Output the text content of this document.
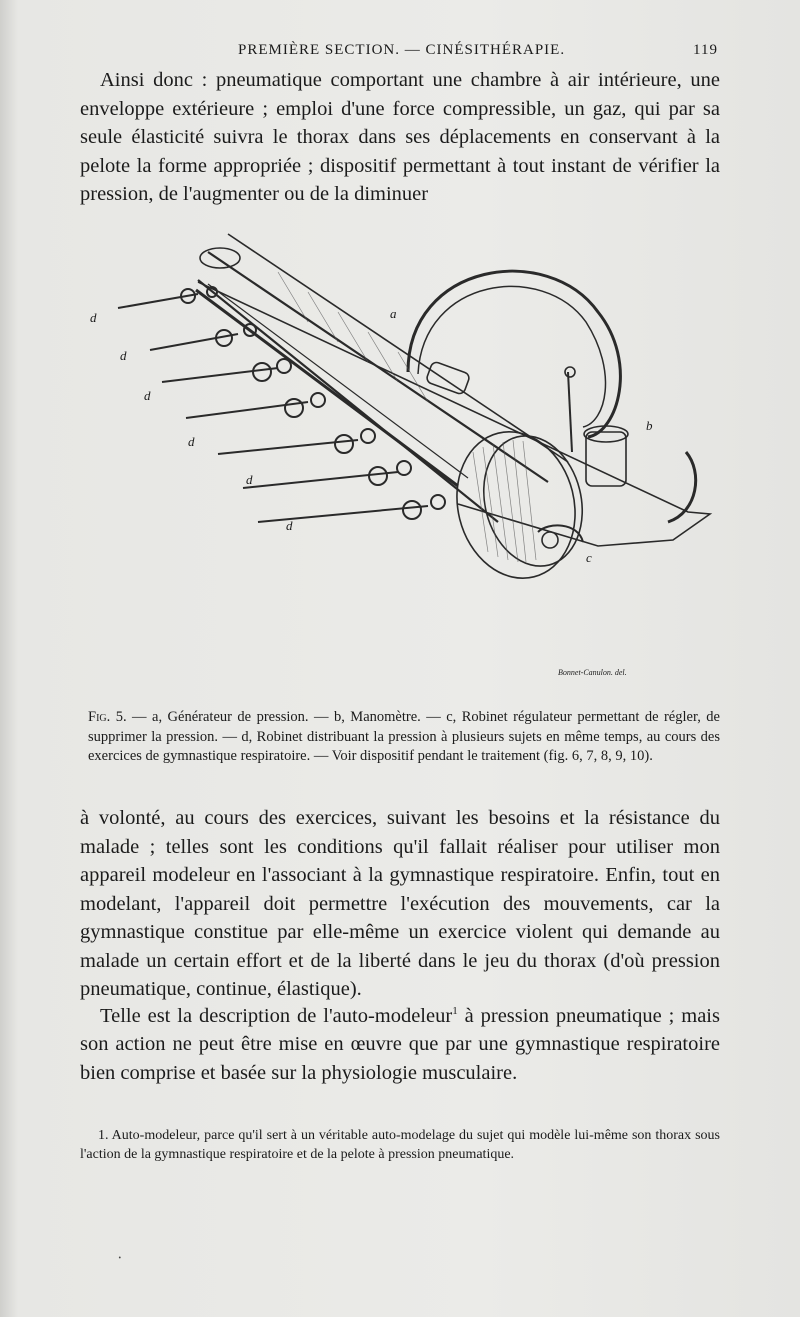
PREMIÈRE SECTION. — CINÉSITHÉRAPIE.	119

Ainsi donc : pneumatique comportant une chambre à air intérieure, une enveloppe extérieure ; emploi d'une force compressible, un gaz, qui par sa seule élasticité suivra le thorax dans ses déplacements en conservant à la pelote la forme appropriée ; dispositif permettant à tout instant de vérifier la pression, de l'augmenter ou de la diminuer

a
b
c
d
d
d
d
d
d
Bonnet-Canulon. del.

Fig. 5. — a, Générateur de pression. — b, Manomètre. — c, Robinet régulateur permettant de régler, de supprimer la pression. — d, Robinet distribuant la pression à plusieurs sujets en même temps, au cours des exercices de gymnastique respiratoire. — Voir dispositif pendant le traitement (fig. 6, 7, 8, 9, 10).

à volonté, au cours des exercices, suivant les besoins et la résistance du malade ; telles sont les conditions qu'il fallait réaliser pour utiliser mon appareil modeleur en l'associant à la gymnastique respiratoire. Enfin, tout en modelant, l'appareil doit permettre l'exécution des mouvements, car la gymnastique constitue par elle-même un exercice violent qui demande au malade un certain effort et de la liberté dans le jeu du thorax (d'où pression pneumatique, continue, élastique).

Telle est la description de l'auto-modeleur$^1$ à pression pneumatique ; mais son action ne peut être mise en œuvre que par une gymnastique respiratoire bien comprise et basée sur la physiologie musculaire.

1. Auto-modeleur, parce qu'il sert à un véritable auto-modelage du sujet qui modèle lui-même son thorax sous l'action de la gymnastique respiratoire et de la pelote à pression pneumatique.

•
